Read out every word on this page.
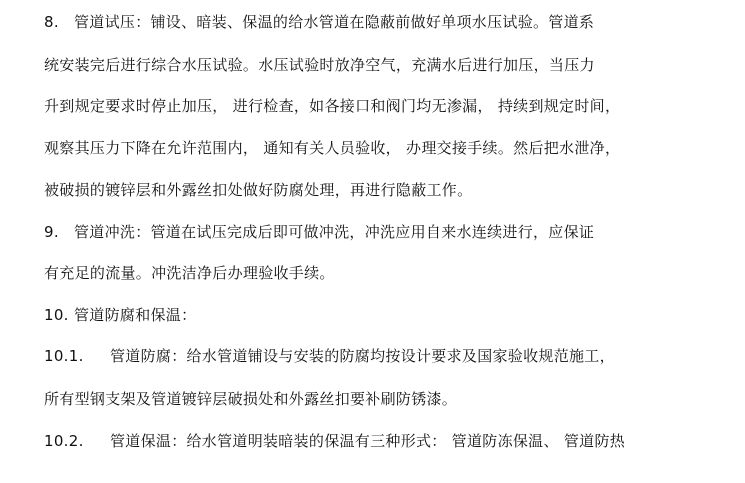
8. 管道试压：铺设、暗装、保温的给水管道在隐蔽前做好单项水压试验。管道系
统安装完后进行综合水压试验。水压试验时放净空气，充满水后进行加压，当压力
升到规定要求时停止加压， 进行检查，如各接口和阀门均无渗漏， 持续到规定时间，
观察其压力下降在允许范围内， 通知有关人员验收， 办理交接手续。然后把水泄净，
被破损的镀锌层和外露丝扣处做好防腐处理，再进行隐蔽工作。
9. 管道冲洗：管道在试压完成后即可做冲洗，冲洗应用自来水连续进行，应保证
有充足的流量。冲洗洁净后办理验收手续。
10. 管道防腐和保温：
10.1. 管道防腐：给水管道铺设与安装的防腐均按设计要求及国家验收规范施工，
所有型钢支架及管道镀锌层破损处和外露丝扣要补刷防锈漆。
10.2. 管道保温：给水管道明装暗装的保温有三种形式： 管道防冻保温、 管道防热
